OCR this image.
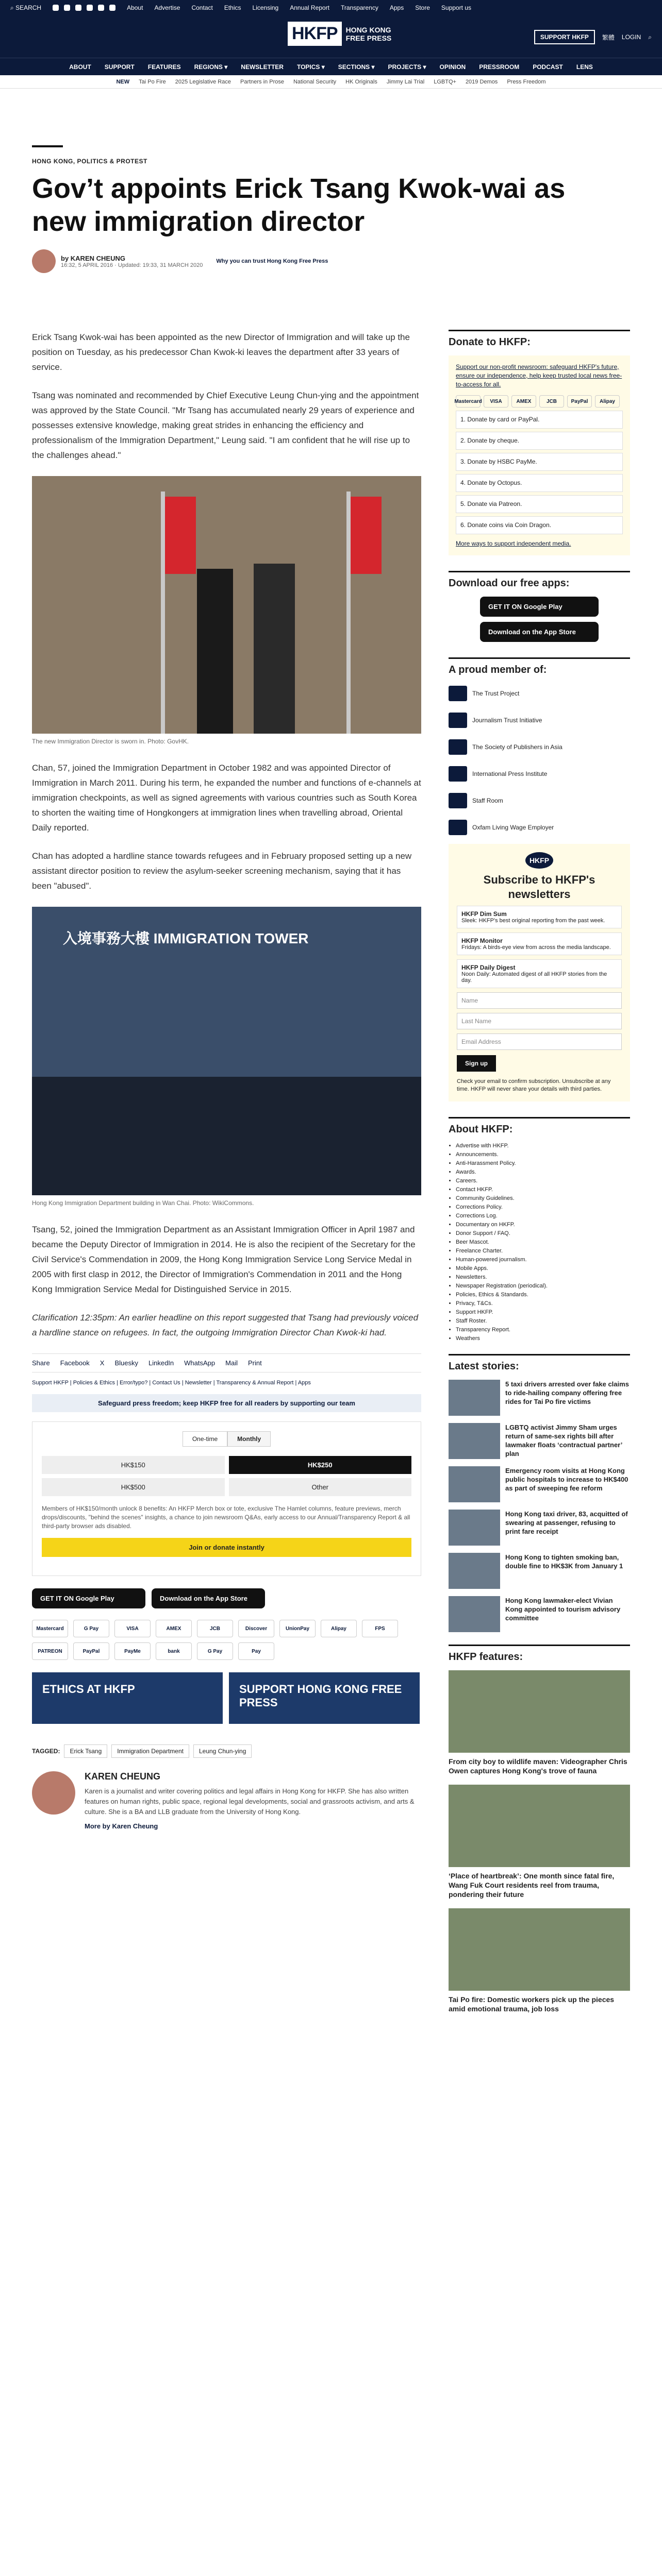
⌕ SEARCH	About Advertise Contact Ethics Licensing Annual Report Transparency Apps Store Support us
HKFP	HONG KONG
FREE PRESS	SUPPORT HKFP	繁體 LOGIN ⌕
ABOUT SUPPORT FEATURES REGIONS ▾ NEWSLETTER TOPICS ▾ SECTIONS ▾ PROJECTS ▾ OPINION PRESSROOM PODCAST LENS
NEW Tai Po Fire 2025 Legislative Race Partners in Prose National Security HK Originals Jimmy Lai Trial LGBTQ+ 2019 Demos Press Freedom
HONG KONG, POLITICS & PROTEST
Gov’t appoints Erick Tsang Kwok-wai as new immigration director
by KAREN CHEUNG
16:32, 5 APRIL 2016 · Updated: 19:33, 31 MARCH 2020
Why you can trust Hong Kong Free Press

Erick Tsang Kwok-wai has been appointed as the new Director of Immigration and will take up the position on Tuesday, as his predecessor Chan Kwok-ki leaves the department after 33 years of service.

Tsang was nominated and recommended by Chief Executive Leung Chun-ying and the appointment was approved by the State Council. "Mr Tsang has accumulated nearly 29 years of experience and possesses extensive knowledge, making great strides in enhancing the efficiency and professionalism of the Immigration Department," Leung said. "I am confident that he will rise up to the challenges ahead."

The new Immigration Director is sworn in. Photo: GovHK.

Chan, 57, joined the Immigration Department in October 1982 and was appointed Director of Immigration in March 2011. During his term, he expanded the number and functions of e-channels at immigration checkpoints, as well as signed agreements with various countries such as South Korea to shorten the waiting time of Hongkongers at immigration lines when travelling abroad, Oriental Daily reported.

Chan has adopted a hardline stance towards refugees and in February proposed setting up a new assistant director position to review the asylum-seeker screening mechanism, saying that it has been "abused".

入境事務大樓 IMMIGRATION TOWER
Hong Kong Immigration Department building in Wan Chai. Photo: WikiCommons.

Tsang, 52, joined the Immigration Department as an Assistant Immigration Officer in April 1987 and became the Deputy Director of Immigration in 2014. He is also the recipient of the Secretary for the Civil Service's Commendation in 2009, the Hong Kong Immigration Service Long Service Medal in 2005 with first clasp in 2012, the Director of Immigration's Commendation in 2011 and the Hong Kong Immigration Service Medal for Distinguished Service in 2015.

Clarification 12:35pm: An earlier headline on this report suggested that Tsang had previously voiced a hardline stance on refugees. In fact, the outgoing Immigration Director Chan Kwok-ki had.

Share Facebook X Bluesky LinkedIn WhatsApp Mail Print
Support HKFP | Policies & Ethics | Error/typo? | Contact Us | Newsletter | Transparency & Annual Report | Apps
Safeguard press freedom; keep HKFP free for all readers by supporting our team
One-time	Monthly
HK$150	HK$250
HK$500	Other
Members of HK$150/month unlock 8 benefits: An HKFP Merch box or tote, exclusive The Hamlet columns, feature previews, merch drops/discounts, "behind the scenes" insights, a chance to join newsroom Q&As, early access to our Annual/Transparency Report & all third-party browser ads disabled.
Join or donate instantly
GET IT ON Google Play	Download on the App Store
Mastercard	G Pay	VISA	AMEX	JCB	Discover	UnionPay	Alipay	FPS
PATREON	PayPal	PayMe	bank	G Pay	Pay
ETHICS AT HKFP	SUPPORT HONG KONG FREE PRESS
TAGGED:	Erick Tsang	Immigration Department	Leung Chun-ying
KAREN CHEUNG
Karen is a journalist and writer covering politics and legal affairs in Hong Kong for HKFP. She has also written features on human rights, public space, regional legal developments, social and grassroots activism, and arts & culture. She is a BA and LLB graduate from the University of Hong Kong.
More by Karen Cheung
Donate to HKFP:
Support our non-profit newsroom: safeguard HKFP's future, ensure our independence, help keep trusted local news free-to-access for all.
Mastercard	VISA	AMEX	JCB	PayPal	Alipay
1. Donate by card or PayPal.
2. Donate by cheque.
3. Donate by HSBC PayMe.
4. Donate by Octopus.
5. Donate via Patreon.
6. Donate coins via Coin Dragon.
More ways to support independent media.
Download our free apps:
GET IT ON Google Play
Download on the App Store
A proud member of:
The Trust Project
Journalism Trust Initiative
The Society of Publishers in Asia
International Press Institute
Staff Room
Oxfam Living Wage Employer
HKFP
Subscribe to HKFP's newsletters
HKFP Dim Sum
Sleek: HKFP's best original reporting from the past week.
HKFP Monitor
Fridays: A birds-eye view from across the media landscape.
HKFP Daily Digest
Noon Daily: Automated digest of all HKFP stories from the day.
Name
Last Name
Email Address
Sign up
Check your email to confirm subscription. Unsubscribe at any time. HKFP will never share your details with third parties.
About HKFP:
• Advertise with HKFP.
• Announcements.
• Anti-Harassment Policy.
• Awards.
• Careers.
• Contact HKFP.
• Community Guidelines.
• Corrections Policy.
• Corrections Log.
• Documentary on HKFP.
• Donor Support / FAQ.
• Beer Mascot.
• Freelance Charter.
• Human-powered journalism.
• Mobile Apps.
• Newsletters.
• Newspaper Registration (periodical).
• Policies, Ethics & Standards.
• Privacy, T&Cs.
• Support HKFP.
• Staff Roster.
• Transparency Report.
• Weathers
Latest stories:
5 taxi drivers arrested over fake claims to ride-hailing company offering free rides for Tai Po fire victims
LGBTQ activist Jimmy Sham urges return of same-sex rights bill after lawmaker floats ‘contractual partner’ plan
Emergency room visits at Hong Kong public hospitals to increase to HK$400 as part of sweeping fee reform
Hong Kong taxi driver, 83, acquitted of swearing at passenger, refusing to print fare receipt
Hong Kong to tighten smoking ban, double fine to HK$3K from January 1
Hong Kong lawmaker-elect Vivian Kong appointed to tourism advisory committee
HKFP features:
From city boy to wildlife maven: Videographer Chris Owen captures Hong Kong's trove of fauna
‘Place of heartbreak’: One month since fatal fire, Wang Fuk Court residents reel from trauma, pondering their future
Tai Po fire: Domestic workers pick up the pieces amid emotional trauma, job loss
